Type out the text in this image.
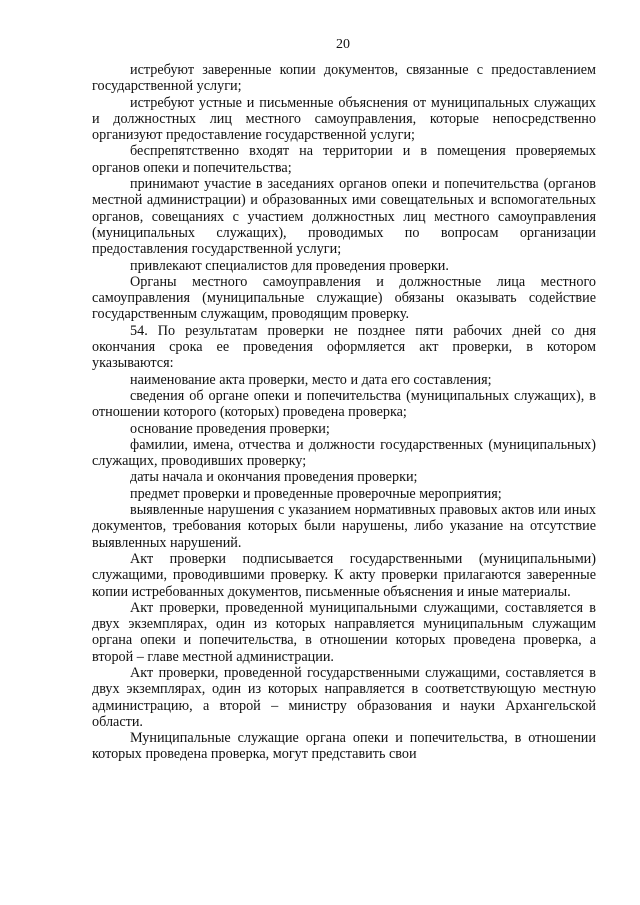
20

истребуют заверенные копии документов, связанные с предоставлением государственной услуги;

истребуют устные и письменные объяснения от муниципальных служащих и должностных лиц местного самоуправления, которые непосредственно организуют предоставление государственной услуги;

беспрепятственно входят на территории и в помещения проверяемых органов опеки и попечительства;

принимают участие в заседаниях органов опеки и попечительства (органов местной администрации) и образованных ими совещательных и вспомогательных органов, совещаниях с участием должностных лиц местного самоуправления (муниципальных служащих), проводимых по вопросам организации предоставления государственной услуги;

привлекают специалистов для проведения проверки.

Органы местного самоуправления и должностные лица местного самоуправления (муниципальные служащие) обязаны оказывать содействие государственным служащим, проводящим проверку.

54. По результатам проверки не позднее пяти рабочих дней со дня окончания срока ее проведения оформляется акт проверки, в котором указываются:

наименование акта проверки, место и дата его составления;

сведения об органе опеки и попечительства (муниципальных служащих), в отношении которого (которых) проведена проверка;

основание проведения проверки;

фамилии, имена, отчества и должности государственных (муниципальных) служащих, проводивших проверку;

даты начала и окончания проведения проверки;

предмет проверки и проведенные проверочные мероприятия;

выявленные нарушения с указанием нормативных правовых актов или иных документов, требования которых были нарушены, либо указание на отсутствие выявленных нарушений.

Акт проверки подписывается государственными (муниципальными) служащими, проводившими проверку. К акту проверки прилагаются заверенные копии истребованных документов, письменные объяснения и иные материалы.

Акт проверки, проведенной муниципальными служащими, составляется в двух экземплярах, один из которых направляется муниципальным служащим органа опеки и попечительства, в отношении которых проведена проверка, а второй – главе местной администрации.

Акт проверки, проведенной государственными служащими, составляется в двух экземплярах, один из которых направляется в соответствующую местную администрацию, а второй – министру образования и науки Архангельской области.

Муниципальные служащие органа опеки и попечительства, в отношении которых проведена проверка, могут представить свои
